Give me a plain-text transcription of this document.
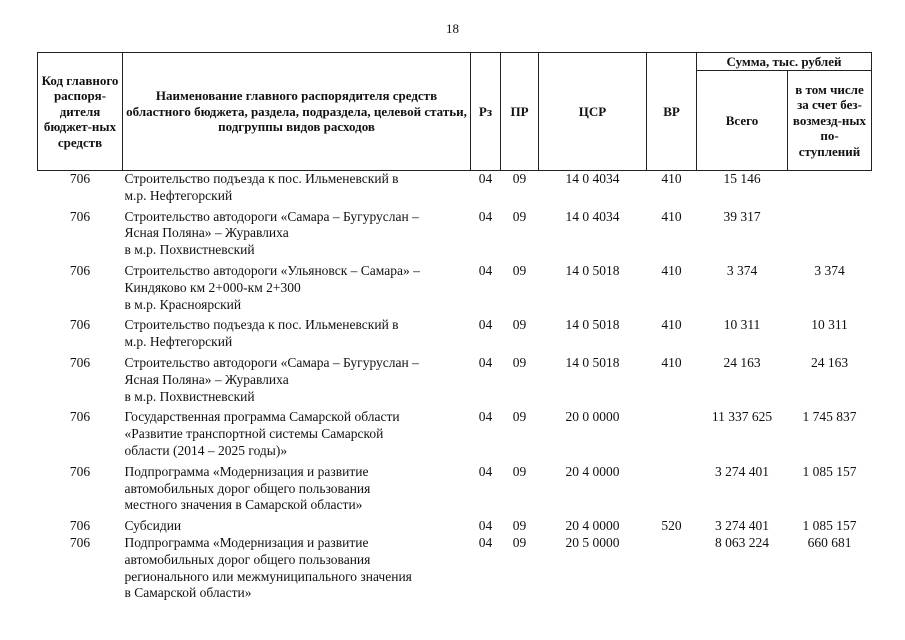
18
Код главного распоря-дителя бюджет-ных средств	Наименование главного распорядителя средств областного бюджета, раздела, подраздела, целевой статьи, подгруппы видов расходов	Рз	ПР	ЦСР	ВР	Сумма, тыс. рублей	
						Всего	в том числе за счет без-возмезд-ных по-ступлений
706	Строительство подъезда к пос. Ильменевский в
м.р. Нефтегорский	04	09	14 0 4034	410	15 146	
706	Строительство автодороги «Самара – Бугуруслан –
Ясная Поляна» – Журавлиха
в м.р. Похвистневский	04	09	14 0 4034	410	39 317	
706	Строительство автодороги «Ульяновск – Самара» –
Киндяково км 2+000-км 2+300
в м.р. Красноярский	04	09	14 0 5018	410	3 374	3 374
706	Строительство подъезда к пос. Ильменевский в
м.р. Нефтегорский	04	09	14 0 5018	410	10 311	10 311
706	Строительство автодороги «Самара – Бугуруслан –
Ясная Поляна» – Журавлиха
в м.р. Похвистневский	04	09	14 0 5018	410	24 163	24 163
706	Государственная программа Самарской области
«Развитие транспортной системы Самарской
области (2014 – 2025 годы)»	04	09	20 0 0000		11 337 625	1 745 837
706	Подпрограмма «Модернизация и развитие
автомобильных дорог общего пользования
местного значения в Самарской области»	04	09	20 4 0000		3 274 401	1 085 157
706	Субсидии	04	09	20 4 0000	520	3 274 401	1 085 157
706	Подпрограмма «Модернизация и развитие
автомобильных дорог общего пользования
регионального или межмуниципального значения
в Самарской области»	04	09	20 5 0000		8 063 224	660 681
